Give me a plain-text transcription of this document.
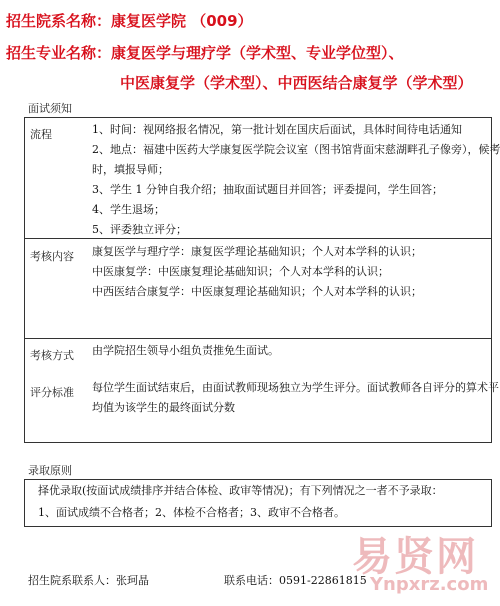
招生院系名称：康复医学院 （009）
招生专业名称：康复医学与理疗学（学术型、专业学位型）、
中医康复学（学术型）、中西医结合康复学（学术型）
面试须知
流程	1、时间：视网络报名情况，第一批计划在国庆后面试，具体时间待电话通知
2、地点：福建中医药大学康复医学院会议室（图书馆背面宋慈湖畔孔子像旁），候考
时，填报导师；
3、学生 1 分钟自我介绍；抽取面试题目并回答；评委提问，学生回答；
4、学生退场；
5、评委独立评分；
考核内容 康复医学与理疗学：康复医学理论基础知识；个人对本学科的认识；
中医康复学：中医康复理论基础知识；个人对本学科的认识；
中西医结合康复学：中医康复理论基础知识；个人对本学科的认识；
考核方式 由学院招生领导小组负责推免生面试。
评分标准 每位学生面试结束后，由面试教师现场独立为学生评分。面试教师各自评分的算术平
均值为该学生的最终面试分数
录取原则
择优录取(按面试成绩排序并结合体检、政审等情况)；有下列情况之一者不予录取：
1、面试成绩不合格者；2、体检不合格者；3、政审不合格者。
易贤网
Ynpxrz.com
招生院系联系人：张珂晶	联系电话：0591-22861815
